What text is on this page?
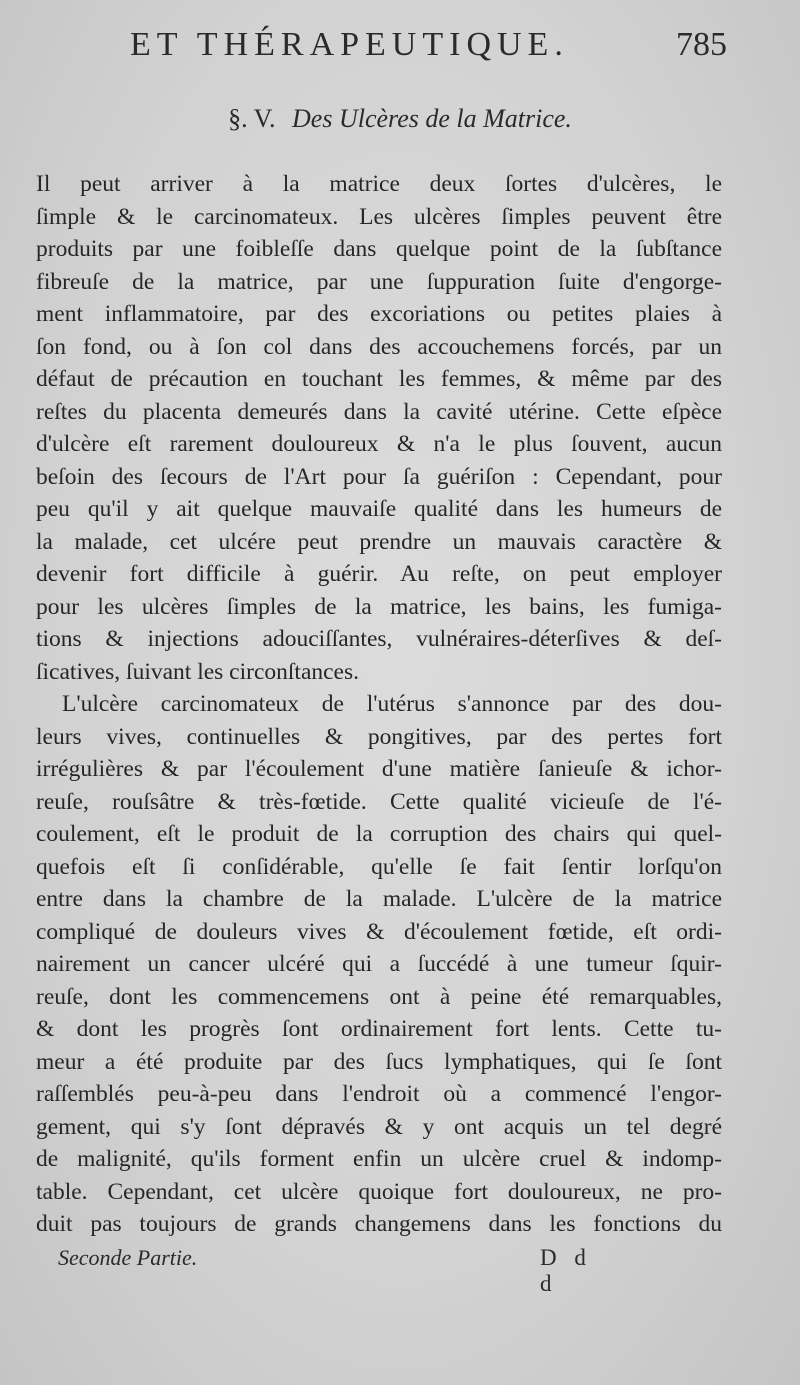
ET THÉRAPEUTIQUE.	785
§. V. Des Ulcères de la Matrice.
Il peut arriver à la matrice deux ſortes d'ulcères, le
ſimple & le carcinomateux. Les ulcères ſimples peuvent être
produits par une foibleſſe dans quelque point de la ſubſtance
fibreuſe de la matrice, par une ſuppuration ſuite d'engorge-
ment inflammatoire, par des excoriations ou petites plaies à
ſon fond, ou à ſon col dans des accouchemens forcés, par un
défaut de précaution en touchant les femmes, & même par des
reſtes du placenta demeurés dans la cavité utérine. Cette eſpèce
d'ulcère eſt rarement douloureux & n'a le plus ſouvent, aucun
beſoin des ſecours de l'Art pour ſa guériſon : Cependant, pour
peu qu'il y ait quelque mauvaiſe qualité dans les humeurs de
la malade, cet ulcére peut prendre un mauvais caractère &
devenir fort difficile à guérir. Au reſte, on peut employer
pour les ulcères ſimples de la matrice, les bains, les fumiga-
tions & injections adouciſſantes, vulnéraires-déterſives & deſ-
ſicatives, ſuivant les circonſtances.
L'ulcère carcinomateux de l'utérus s'annonce par des dou-
leurs vives, continuelles & pongitives, par des pertes fort
irrégulières & par l'écoulement d'une matière ſanieuſe & ichor-
reuſe, rouſsâtre & très-fœtide. Cette qualité vicieuſe de l'é-
coulement, eſt le produit de la corruption des chairs qui quel-
quefois eſt ſi conſidérable, qu'elle ſe fait ſentir lorſqu'on
entre dans la chambre de la malade. L'ulcère de la matrice
compliqué de douleurs vives & d'écoulement fœtide, eſt ordi-
nairement un cancer ulcéré qui a ſuccédé à une tumeur ſquir-
reuſe, dont les commencemens ont à peine été remarquables,
& dont les progrès ſont ordinairement fort lents. Cette tu-
meur a été produite par des ſucs lymphatiques, qui ſe ſont
raſſemblés peu-à-peu dans l'endroit où a commencé l'engor-
gement, qui s'y ſont dépravés & y ont acquis un tel degré
de malignité, qu'ils forment enfin un ulcère cruel & indomp-
table. Cependant, cet ulcère quoique fort douloureux, ne pro-
duit pas toujours de grands changemens dans les fonctions du
Seconde Partie.	D d d
